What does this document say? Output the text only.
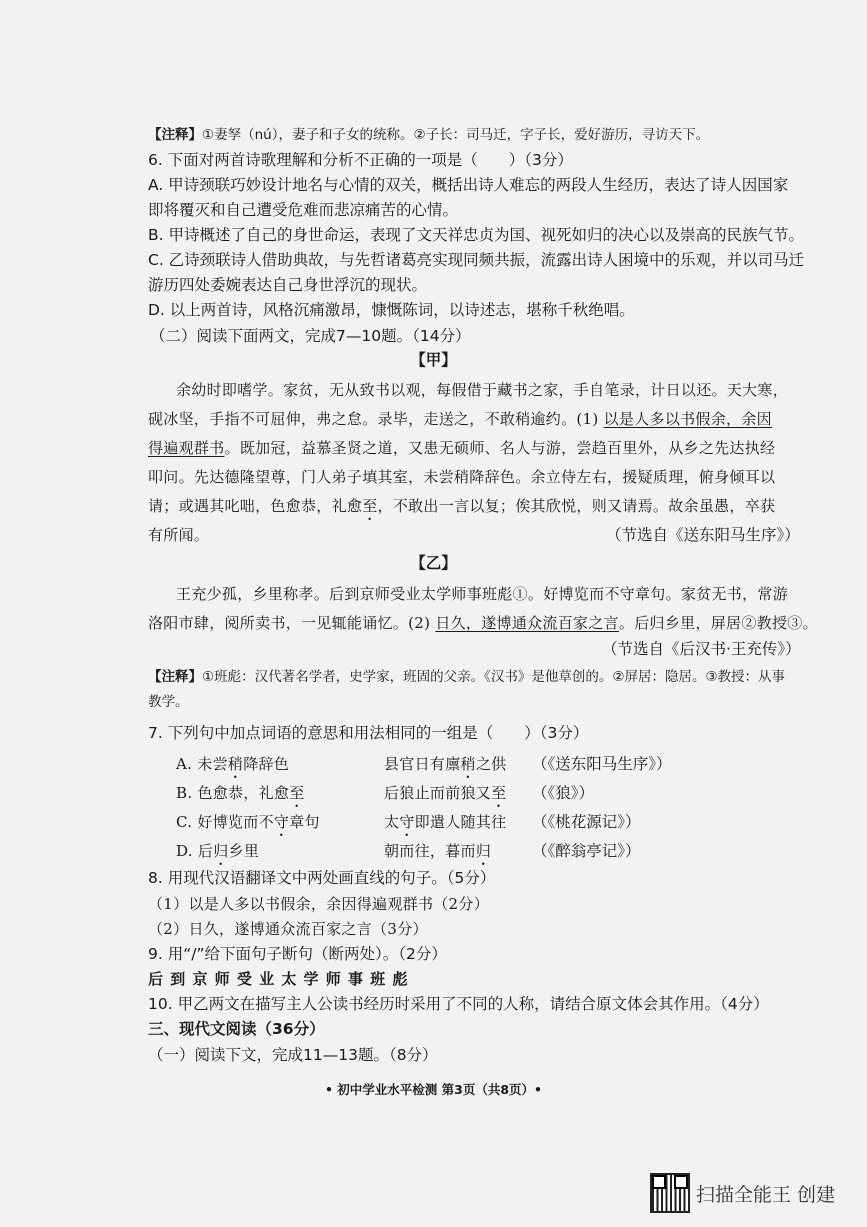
【注释】①妻孥（nú），妻子和子女的统称。②子长：司马迁，字子长，爱好游历，寻访天下。
6. 下面对两首诗歌理解和分析不正确的一项是（　　）（3分）
A. 甲诗颈联巧妙设计地名与心情的双关，概括出诗人难忘的两段人生经历，表达了诗人因国家
即将覆灭和自己遭受危难而悲凉痛苦的心情。
B. 甲诗概述了自己的身世命运，表现了文天祥忠贞为国、视死如归的决心以及崇高的民族气节。
C. 乙诗颈联诗人借助典故，与先哲诸葛亮实现同频共振，流露出诗人困境中的乐观，并以司马迁
游历四处委婉表达自己身世浮沉的现状。
D. 以上两首诗，风格沉痛激昂，慷慨陈词，以诗述志，堪称千秋绝唱。
（二）阅读下面两文，完成7—10题。（14分）
【甲】
余幼时即嗜学。家贫，无从致书以观，每假借于藏书之家，手自笔录，计日以还。天大寒，
砚冰坚，手指不可屈伸，弗之怠。录毕，走送之，不敢稍逾约。(1) 以是人多以书假余，余因
得遍观群书。既加冠，益慕圣贤之道，又患无硕师、名人与游，尝趋百里外，从乡之先达执经
叩问。先达德隆望尊，门人弟子填其室，未尝稍降辞色。余立侍左右，援疑质理，俯身倾耳以
请；或遇其叱咄，色愈恭，礼愈至，不敢出一言以复；俟其欣悦，则又请焉。故余虽愚，卒获
有所闻。	（节选自《送东阳马生序》）
【乙】
王充少孤，乡里称孝。后到京师受业太学师事班彪①。好博览而不守章句。家贫无书，常游
洛阳市肆，阅所卖书，一见辄能诵忆。(2) 日久，遂博通众流百家之言。后归乡里，屏居②教授③。
（节选自《后汉书·王充传》）
【注释】①班彪：汉代著名学者，史学家，班固的父亲。《汉书》是他草创的。②屏居：隐居。③教授：从事
教学。
7. 下列句中加点词语的意思和用法相同的一组是（　　）（3分）
A. 未尝稍降辞色	县官日有廪稍之供 （《送东阳马生序》）
B. 色愈恭，礼愈至	后狼止而前狼又至 （《狼》）
C. 好博览而不守章句	太守即遣人随其往 （《桃花源记》）
D. 后归乡里	朝而往，暮而归	（《醉翁亭记》）
8. 用现代汉语翻译文中两处画直线的句子。（5分）
（1）以是人多以书假余，余因得遍观群书（2分）
（2）日久，遂博通众流百家之言（3分）
9. 用“/”给下面句子断句（断两处）。（2分）
后 到 京 师 受 业 太 学 师 事 班 彪
10. 甲乙两文在描写主人公读书经历时采用了不同的人称，请结合原文体会其作用。（4分）
三、现代文阅读（36分）
（一）阅读下文，完成11—13题。（8分）
• 初中学业水平检测 第3页（共8页）•
扫描全能王 创建
